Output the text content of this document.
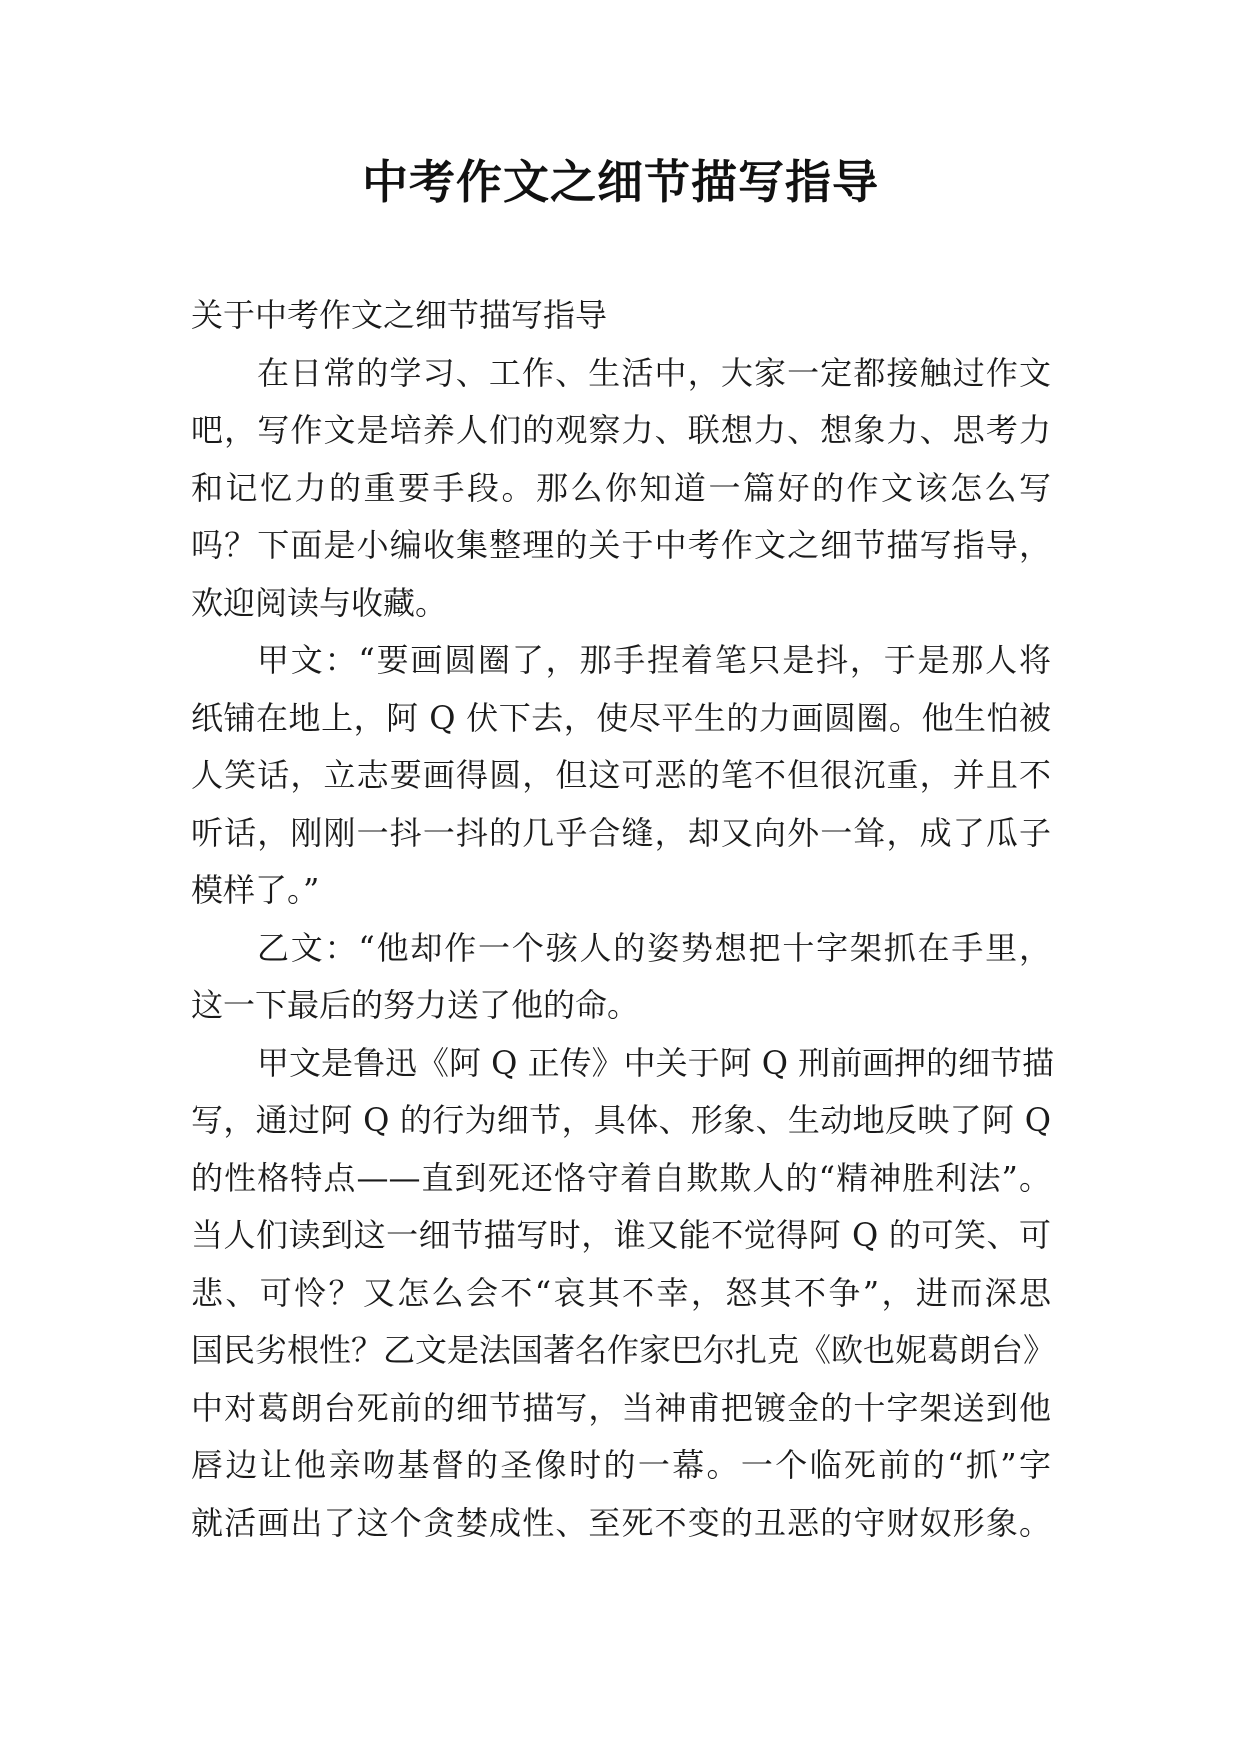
中考作文之细节描写指导
关于中考作文之细节描写指导
在日常的学习、工作、生活中，大家一定都接触过作文
吧，写作文是培养人们的观察力、联想力、想象力、思考力
和记忆力的重要手段。那么你知道一篇好的作文该怎么写
吗？下面是小编收集整理的关于中考作文之细节描写指导，
欢迎阅读与收藏。
甲文：“要画圆圈了，那手捏着笔只是抖，于是那人将
纸铺在地上，阿 Q 伏下去，使尽平生的力画圆圈。他生怕被
人笑话，立志要画得圆，但这可恶的笔不但很沉重，并且不
听话，刚刚一抖一抖的几乎合缝，却又向外一耸，成了瓜子
模样了。”
乙文：“他却作一个骇人的姿势想把十字架抓在手里，
这一下最后的努力送了他的命。
甲文是鲁迅《阿 Q 正传》中关于阿 Q 刑前画押的细节描
写，通过阿 Q 的行为细节，具体、形象、生动地反映了阿 Q
的性格特点——直到死还恪守着自欺欺人的“精神胜利法”。
当人们读到这一细节描写时，谁又能不觉得阿 Q 的可笑、可
悲、可怜？又怎么会不“哀其不幸，怒其不争”，进而深思
国民劣根性？乙文是法国著名作家巴尔扎克《欧也妮葛朗台》
中对葛朗台死前的细节描写，当神甫把镀金的十字架送到他
唇边让他亲吻基督的圣像时的一幕。一个临死前的“抓”字
就活画出了这个贪婪成性、至死不变的丑恶的守财奴形象。
